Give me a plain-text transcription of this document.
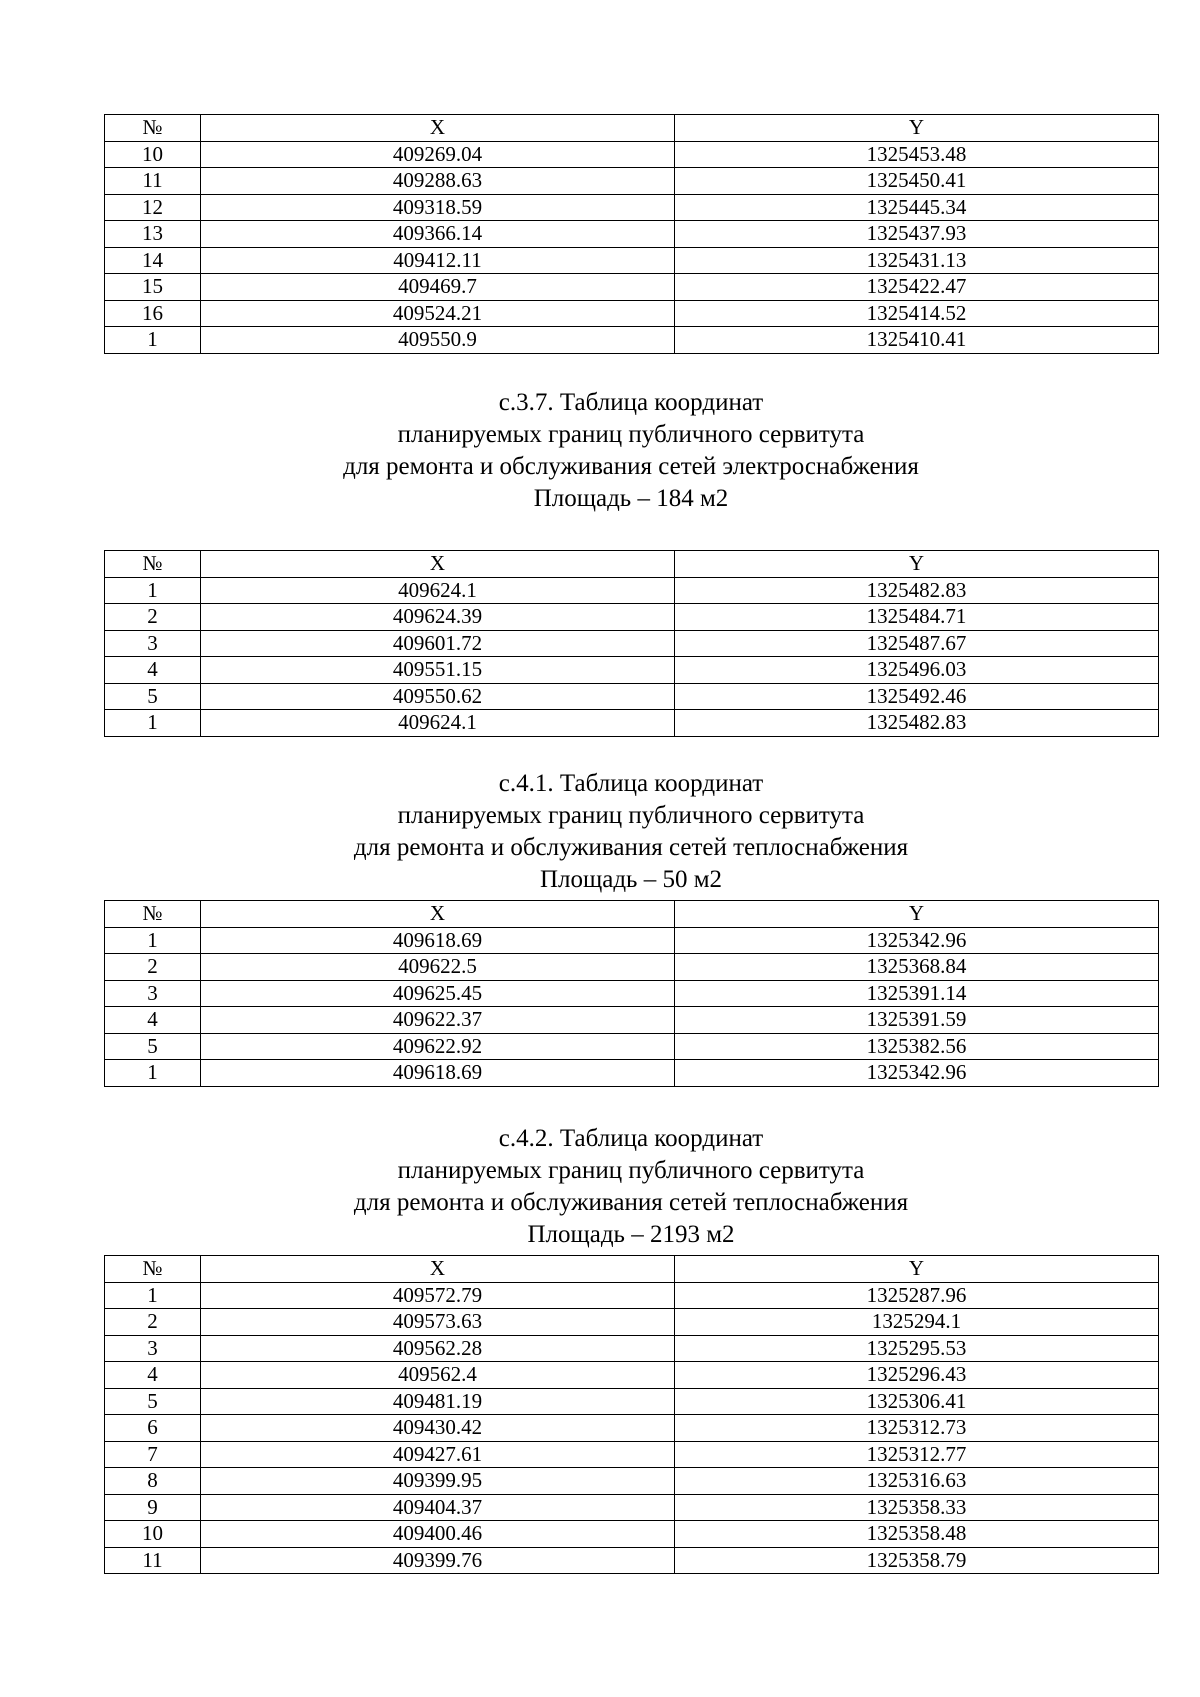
№	X	Y
10	409269.04	1325453.48
11	409288.63	1325450.41
12	409318.59	1325445.34
13	409366.14	1325437.93
14	409412.11	1325431.13
15	409469.7	1325422.47
16	409524.21	1325414.52
1	409550.9	1325410.41
с.3.7. Таблица координат
планируемых границ публичного сервитута
для ремонта и обслуживания сетей электроснабжения
Площадь – 184 м2
№	X	Y
1	409624.1	1325482.83
2	409624.39	1325484.71
3	409601.72	1325487.67
4	409551.15	1325496.03
5	409550.62	1325492.46
1	409624.1	1325482.83
с.4.1. Таблица координат
планируемых границ публичного сервитута
для ремонта и обслуживания сетей теплоснабжения
Площадь – 50 м2
№	X	Y
1	409618.69	1325342.96
2	409622.5	1325368.84
3	409625.45	1325391.14
4	409622.37	1325391.59
5	409622.92	1325382.56
1	409618.69	1325342.96
с.4.2. Таблица координат
планируемых границ публичного сервитута
для ремонта и обслуживания сетей теплоснабжения
Площадь – 2193 м2
№	X	Y
1	409572.79	1325287.96
2	409573.63	1325294.1
3	409562.28	1325295.53
4	409562.4	1325296.43
5	409481.19	1325306.41
6	409430.42	1325312.73
7	409427.61	1325312.77
8	409399.95	1325316.63
9	409404.37	1325358.33
10	409400.46	1325358.48
11	409399.76	1325358.79
